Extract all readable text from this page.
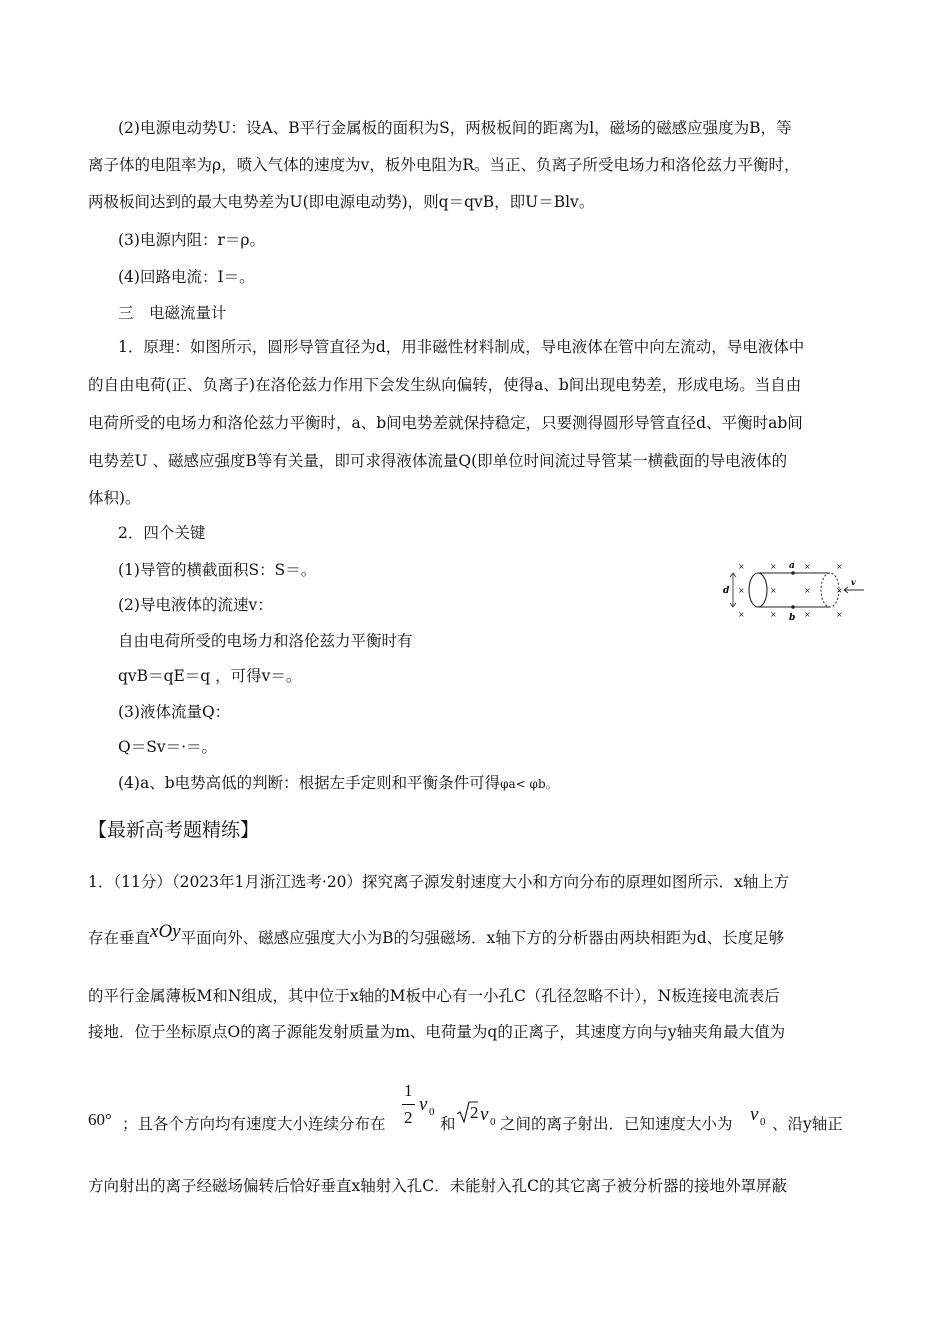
(2)电源电动势U：设A、B平行金属板的面积为S，两极板间的距离为l，磁场的磁感应强度为B，等
离子体的电阻率为ρ，喷入气体的速度为v，板外电阻为R。当正、负离子所受电场力和洛伦兹力平衡时，
两极板间达到的最大电势差为U(即电源电动势)，则q＝qvB，即U＝Blv。
(3)电源内阻：r＝ρ。
(4)回路电流：I＝。
三　电磁流量计
1．原理：如图所示，圆形导管直径为d，用非磁性材料制成，导电液体在管中向左流动，导电液体中
的自由电荷(正、负离子)在洛伦兹力作用下会发生纵向偏转，使得a、b间出现电势差，形成电场。当自由
电荷所受的电场力和洛伦兹力平衡时，a、b间电势差就保持稳定，只要测得圆形导管直径d、平衡时ab间
电势差U 、磁感应强度B等有关量，即可求得液体流量Q(即单位时间流过导管某一横截面的导电液体的
体积)。
2．四个关键
(1)导管的横截面积S：S＝。
(2)导电液体的流速v：
自由电荷所受的电场力和洛伦兹力平衡时有
qvB＝qE＝q ，可得v＝。
(3)液体流量Q：
Q＝Sv＝·＝。
(4)a、b电势高低的判断：根据左手定则和平衡条件可得φa< φb。
×	×	×	×
×	×	×	×
×	×	×	×
a
b
d
v
【最新高考题精练】
1．（11分）（2023年1月浙江选考·20）探究离子源发射速度大小和方向分布的原理如图所示．x轴上方
存在垂直xOy平面向外、磁感应强度大小为B的匀强磁场．x轴下方的分析器由两块相距为d、长度足够
的平行金属薄板M和N组成，其中位于x轴的M板中心有一小孔C（孔径忽略不计），N板连接电流表后
接地．位于坐标原点O的离子源能发射质量为m、电荷量为q的正离子，其速度方向与y轴夹角最大值为
60° ；且各个方向均有速度大小连续分布在
1
2
v 0
和
2 v 0 之间的离子射出．已知速度大小为 v 0 、沿y轴正
方向射出的离子经磁场偏转后恰好垂直x轴射入孔C．未能射入孔C的其它离子被分析器的接地外罩屏蔽
